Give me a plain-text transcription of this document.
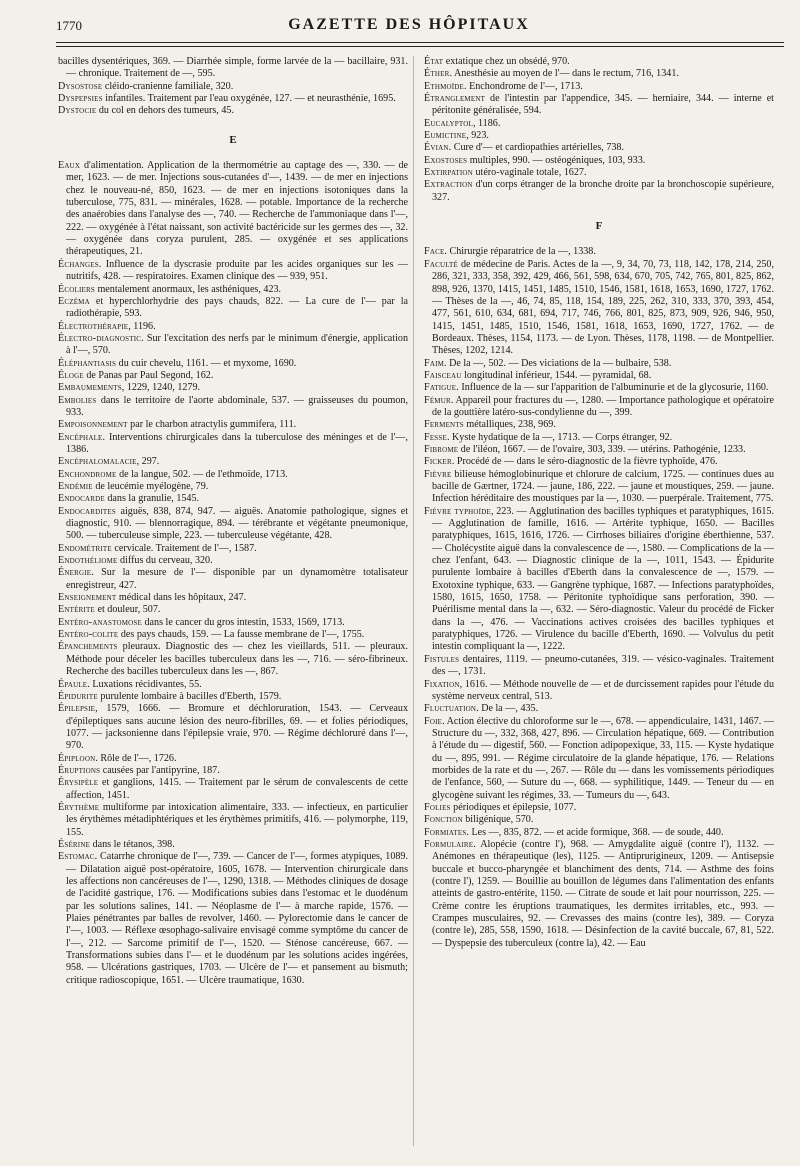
1770	GAZETTE DES HÔPITAUX

bacilles dysentériques, 369. — Diarrhée simple, forme larvée de la — bacillaire, 931. — chronique. Traitement de —, 595.

Dysostose cléido-cranienne familiale, 320.

Dyspepsies infantiles. Traitement par l'eau oxygénée, 127. — et neurasthénie, 1695.

Dystocie du col en dehors des tumeurs, 45.

E

Eaux d'alimentation. Application de la thermométrie au captage des —, 330. — de mer, 1623. — de mer. Injections sous-cutanées d'—, 1439. — de mer en injections chez le nouveau-né, 850, 1623. — de mer en injections isotoniques dans la tuberculose, 775, 831. — minérales, 1628. — potable. Importance de la recherche des anaérobies dans l'analyse des —, 740. — Recherche de l'ammoniaque dans l'—, 222. — oxygénée à l'état naissant, son activité bactéricide sur les germes des —, 32. — oxygénée dans coryza purulent, 285. — oxygénée et ses applications thérapeutiques, 21.

Échanges. Influence de la dyscrasie produite par les acides organiques sur les — nutritifs, 428. — respiratoires. Examen clinique des — 939, 951.

Écoliers mentalement anormaux, les asthéniques, 423.

Eczéma et hyperchlorhydrie des pays chauds, 822. — La cure de l'— par la radiothérapie, 593.

Électrothérapie, 1196.

Électro-diagnostic. Sur l'excitation des nerfs par le minimum d'énergie, application à l'—, 570.

Éléphantiasis du cuir chevelu, 1161. — et myxome, 1690.

Éloge de Panas par Paul Segond, 162.

Embaumements, 1229, 1240, 1279.

Embolies dans le territoire de l'aorte abdominale, 537. — graisseuses du poumon, 933.

Empoisonnement par le charbon atractylis gummifera, 111.

Encéphale. Interventions chirurgicales dans la tuberculose des méninges et de l'—, 1386.

Encéphalomalacie, 297.

Enchondrome de la langue, 502. — de l'ethmoïde, 1713.

Endémie de leucémie myélogène, 79.

Endocarde dans la granulie, 1545.

Endocardites aiguës, 838, 874, 947. — aiguës. Anatomie pathologique, signes et diagnostic, 910. — blennorragique, 894. — térébrante et végétante pneumonique, 500. — tuberculeuse simple, 223. — tuberculeuse végétante, 428.

Endométrite cervicale. Traitement de l'—, 1587.

Endothéliome diffus du cerveau, 320.

Énergie. Sur la mesure de l'— disponible par un dynamomètre totalisateur enregistreur, 427.

Enseignement médical dans les hôpitaux, 247.

Entérite et douleur, 507.

Entéro-anastomose dans le cancer du gros intestin, 1533, 1569, 1713.

Entéro-colite des pays chauds, 159. — La fausse membrane de l'—, 1755.

Épanchements pleuraux. Diagnostic des — chez les vieillards, 511. — pleuraux. Méthode pour déceler les bacilles tuberculeux dans les —, 716. — séro-fibrineux. Recherche des bacilles tuberculeux dans les —, 867.

Épaule. Luxations récidivantes, 55.

Épidurite purulente lombaire à bacilles d'Eberth, 1579.

Épilepsie, 1579, 1666. — Bromure et déchloruration, 1543. — Cerveaux d'épileptiques sans aucune lésion des neuro-fibrilles, 69. — et folies périodiques, 1077. — jacksonienne dans l'épilepsie vraie, 970. — Régime déchloruré dans l'—, 970.

Épiploon. Rôle de l'—, 1726.

Éruptions causées par l'antipyrine, 187.

Érysipèle et ganglions, 1415. — Traitement par le sérum de convalescents de cette affection, 1451.

Érythème multiforme par intoxication alimentaire, 333. — infectieux, en particulier les érythèmes métadiphtériques et les érythèmes primitifs, 416. — polymorphe, 119, 155.

Ésérine dans le tétanos, 398.

Estomac. Catarrhe chronique de l'—, 739. — Cancer de l'—, formes atypiques, 1089. — Dilatation aiguë post-opératoire, 1605, 1678. — Intervention chirurgicale dans les affections non cancéreuses de l'—, 1290, 1318. — Méthodes cliniques de dosage de l'acidité gastrique, 176. — Modifications subies dans l'estomac et le duodénum par les solutions salines, 141. — Néoplasme de l'— à marche rapide, 1576. — Plaies pénétrantes par balles de revolver, 1460. — Pylorectomie dans le cancer de l'—, 1003. — Réflexe œsophago-salivaire envisagé comme symptôme du cancer de l'—, 212. — Sarcome primitif de l'—, 1520. — Sténose cancéreuse, 667. — Transformations subies dans l'— et le duodénum par les solutions acides ingérées, 958. — Ulcérations gastriques, 1703. — Ulcère de l'— et pansement au bismuth; critique radioscopique, 1651. — Ulcère traumatique, 1630.

État extatique chez un obsédé, 970.

Éther. Anesthésie au moyen de l'— dans le rectum, 716, 1341.

Ethmoïde. Enchondrome de l'—, 1713.

Étranglement de l'intestin par l'appendice, 345. — herniaire, 344. — interne et péritonite généralisée, 594.

Eucalyptol, 1186.

Eumictine, 923.

Évian. Cure d'— et cardiopathies artérielles, 738.

Exostoses multiples, 990. — ostéogéniques, 103, 933.

Extirpation utéro-vaginale totale, 1627.

Extraction d'un corps étranger de la bronche droite par la bronchoscopie supérieure, 327.

F

Face. Chirurgie réparatrice de la —, 1338.

Faculté de médecine de Paris. Actes de la —, 9, 34, 70, 73, 118, 142, 178, 214, 250, 286, 321, 333, 358, 392, 429, 466, 561, 598, 634, 670, 705, 742, 765, 801, 825, 862, 898, 926, 1370, 1415, 1451, 1485, 1510, 1546, 1581, 1618, 1653, 1690, 1727, 1762. — Thèses de la —, 46, 74, 85, 118, 154, 189, 225, 262, 310, 333, 370, 393, 454, 477, 561, 610, 634, 681, 694, 717, 746, 766, 801, 825, 873, 909, 926, 946, 950, 1415, 1451, 1485, 1510, 1546, 1581, 1618, 1653, 1690, 1727, 1762. — de Bordeaux. Thèses, 1154, 1173. — de Lyon. Thèses, 1178, 1198. — de Montpellier. Thèses, 1202, 1214.

Faim. De la —, 502. — Des viciations de la — bulbaire, 538.

Faisceau longitudinal inférieur, 1544. — pyramidal, 68.

Fatigue. Influence de la — sur l'apparition de l'albuminurie et de la glycosurie, 1160.

Fémur. Appareil pour fractures du —, 1280. — Importance pathologique et opératoire de la gouttière latéro-sus-condylienne du —, 399.

Ferments métalliques, 238, 969.

Fesse. Kyste hydatique de la —, 1713. — Corps étranger, 92.

Fibrome de l'iléon, 1667. — de l'ovaire, 303, 339. — utérins. Pathogénie, 1233.

Ficker. Procédé de — dans le séro-diagnostic de la fièvre typhoïde, 476.

Fièvre bilieuse hémoglobinurique et chlorure de calcium, 1725. — continues dues au bacille de Gærtner, 1724. — jaune, 186, 222. — jaune et moustiques, 259. — jaune. Infection héréditaire des moustiques par la —, 1030. — puerpérale. Traitement, 775.

Fièvre typhoïde, 223. — Agglutination des bacilles typhiques et paratyphiques, 1615. — Agglutination de famille, 1616. — Artérite typhique, 1650. — Bacilles paratyphiques, 1615, 1616, 1726. — Cirrhoses biliaires d'origine éberthienne, 537. — Cholécystite aiguë dans la convalescence de —, 1580. — Complications de la — chez l'enfant, 643. — Diagnostic clinique de la —, 1011, 1543. — Épidurite purulente lombaire à bacilles d'Eberth dans la convalescence de —, 1579. — Exotoxine typhique, 633. — Gangrène typhique, 1687. — Infections paratyphoïdes, 1580, 1615, 1650, 1758. — Péritonite typhoïdique sans perforation, 390. — Puérilisme mental dans la —, 632. — Séro-diagnostic. Valeur du procédé de Ficker dans la —, 476. — Vaccinations actives croisées des bacilles typhiques et paratyphiques, 1726. — Virulence du bacille d'Eberth, 1690. — Volvulus du petit intestin compliquant la —, 1222.

Fistules dentaires, 1119. — pneumo-cutanées, 319. — vésico-vaginales. Traitement des —, 1731.

Fixation, 1616. — Méthode nouvelle de — et de durcissement rapides pour l'étude du système nerveux central, 513.

Fluctuation. De la —, 435.

Foie. Action élective du chloroforme sur le —, 678. — appendiculaire, 1431, 1467. — Structure du —, 332, 368, 427, 896. — Circulation hépatique, 669. — Contribution à l'étude du — digestif, 560. — Fonction adipopexique, 33, 115. — Kyste hydatique du —, 895, 991. — Régime circulatoire de la glande hépatique, 176. — Relations morbides de la rate et du —, 267. — Rôle du — dans les vomissements périodiques de l'enfance, 560, — Suture du —, 668. — syphilitique, 1449. — Teneur du — en glycogène suivant les régimes, 33. — Tumeurs du —, 643.

Folies périodiques et épilepsie, 1077.

Fonction biligénique, 570.

Formiates. Les —, 835, 872. — et acide formique, 368. — de soude, 440.

Formulaire. Alopécie (contre l'), 968. — Amygdalite aiguë (contre l'), 1132. — Anémones en thérapeutique (les), 1125. — Antiprurigineux, 1209. — Antisepsie buccale et bucco-pharyngée et blanchiment des dents, 714. — Asthme des foins (contre l'), 1259. — Bouillie au bouillon de légumes dans l'alimentation des enfants atteints de gastro-entérite, 1150. — Citrate de soude et lait pour nourrisson, 225. — Crème contre les éruptions traumatiques, les dermites irritables, etc., 993. — Crampes musculaires, 92. — Crevasses des mains (contre les), 389. — Coryza (contre le), 285, 558, 1590, 1618. — Désinfection de la cavité buccale, 67, 81, 522. — Dyspepsie des tuberculeux (contre la), 42. — Eau
